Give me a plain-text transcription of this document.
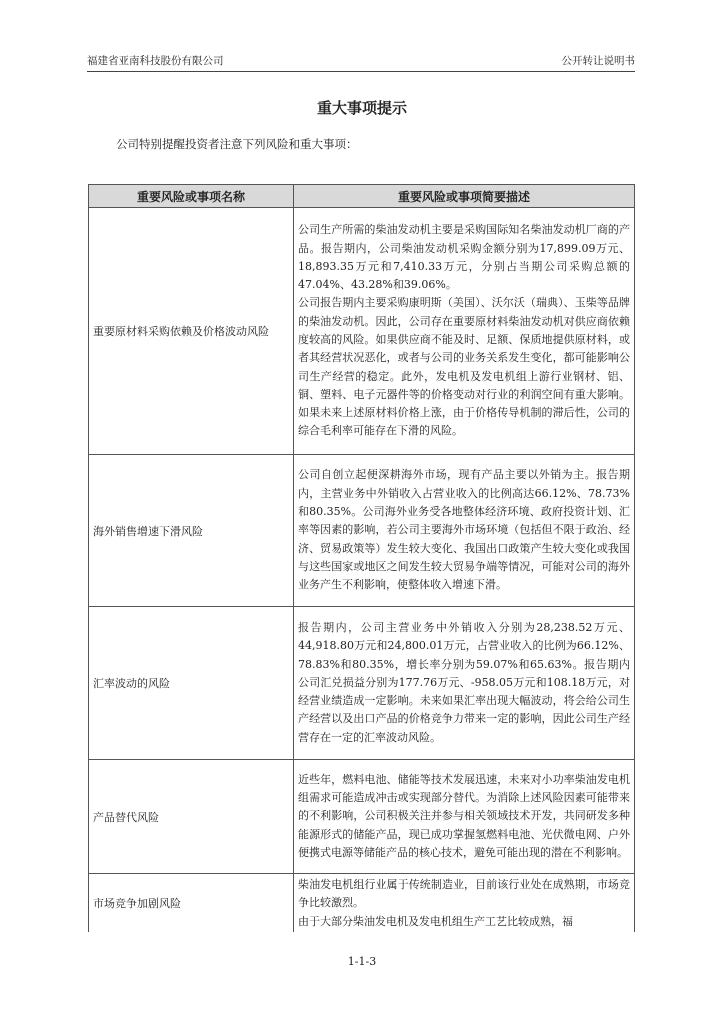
福建省亚南科技股份有限公司	公开转让说明书
重大事项提示
公司特别提醒投资者注意下列风险和重大事项：
重要风险或事项名称	重要风险或事项简要描述
重要原材料采购依赖及价格波动风险	公司生产所需的柴油发动机主要是采购国际知名柴油发动机厂商的产品。报告期内，公司柴油发动机采购金额分别为17,899.09万元、18,893.35万元和7,410.33万元，分别占当期公司采购总额的47.04%、43.28%和39.06%。

公司报告期内主要采购康明斯（美国）、沃尔沃（瑞典）、玉柴等品牌的柴油发动机。因此，公司存在重要原材料柴油发动机对供应商依赖度较高的风险。如果供应商不能及时、足额、保质地提供原材料，或者其经营状况恶化，或者与公司的业务关系发生变化，都可能影响公司生产经营的稳定。此外，发电机及发电机组上游行业钢材、铝、铜、塑料、电子元器件等的价格变动对行业的利润空间有重大影响。如果未来上述原材料价格上涨，由于价格传导机制的滞后性，公司的综合毛利率可能存在下滑的风险。

海外销售增速下滑风险	公司自创立起便深耕海外市场，现有产品主要以外销为主。报告期内，主营业务中外销收入占营业收入的比例高达66.12%、78.73%和80.35%。公司海外业务受各地整体经济环境、政府投资计划、汇率等因素的影响，若公司主要海外市场环境（包括但不限于政治、经济、贸易政策等）发生较大变化、我国出口政策产生较大变化或我国与这些国家或地区之间发生较大贸易争端等情况，可能对公司的海外业务产生不利影响，使整体收入增速下滑。

汇率波动的风险	报告期内，公司主营业务中外销收入分别为28,238.52万元、44,918.80万元和24,800.01万元，占营业收入的比例为66.12%、78.83%和80.35%，增长率分别为59.07%和65.63%。报告期内公司汇兑损益分别为177.76万元、-958.05万元和108.18万元，对经营业绩造成一定影响。未来如果汇率出现大幅波动，将会给公司生产经营以及出口产品的价格竞争力带来一定的影响，因此公司生产经营存在一定的汇率波动风险。

产品替代风险	近些年，燃料电池、储能等技术发展迅速，未来对小功率柴油发电机组需求可能造成冲击或实现部分替代。为消除上述风险因素可能带来的不利影响，公司积极关注并参与相关领域技术开发，共同研发多种能源形式的储能产品，现已成功掌握氢燃料电池、光伏微电网、户外便携式电源等储能产品的核心技术，避免可能出现的潜在不利影响。

市场竞争加剧风险	柴油发电机组行业属于传统制造业，目前该行业处在成熟期，市场竞争比较激烈。

由于大部分柴油发电机及发电机组生产工艺比较成熟，福

1-1-3
